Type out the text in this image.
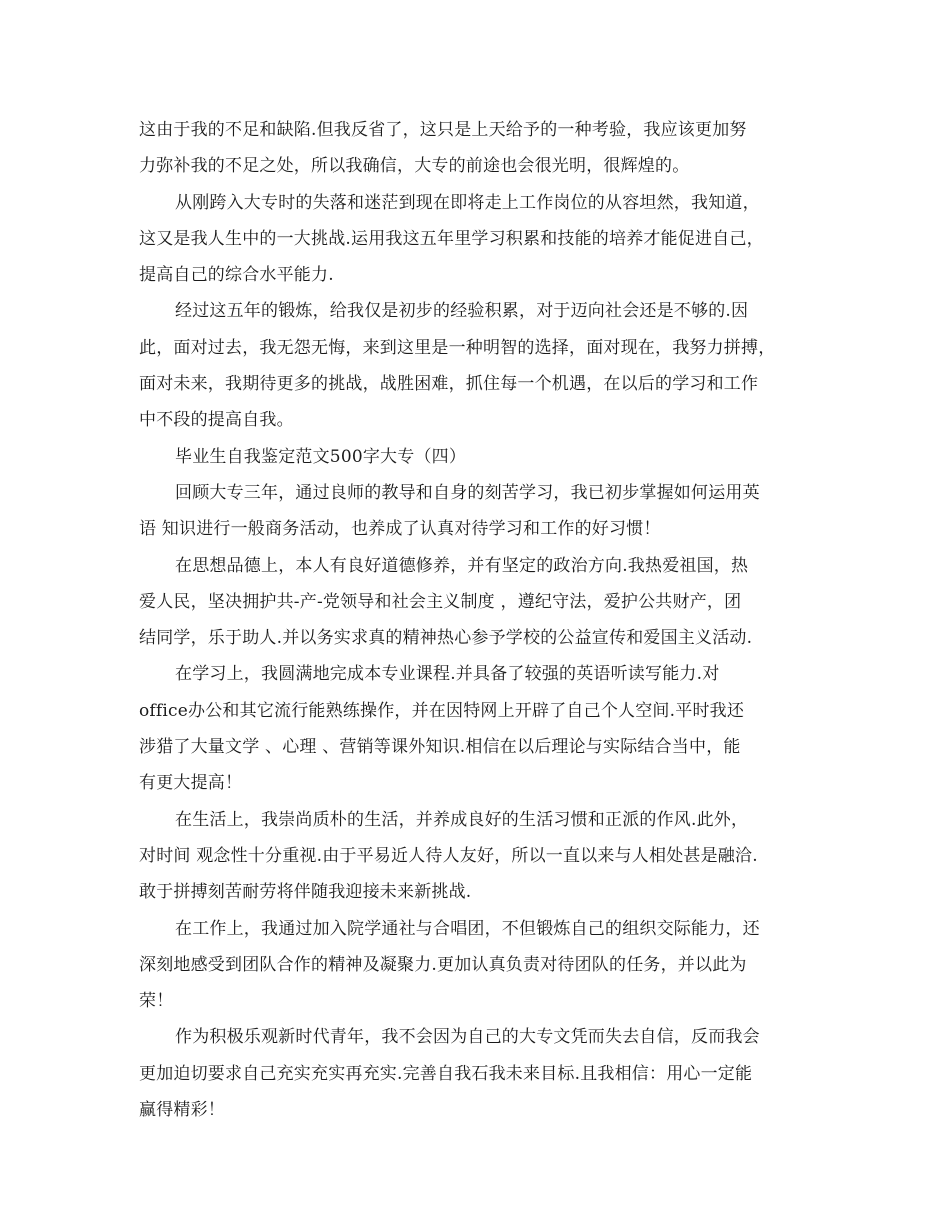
这由于我的不足和缺陷.但我反省了，这只是上天给予的一种考验，我应该更加努
力弥补我的不足之处，所以我确信，大专的前途也会很光明，很辉煌的。
从刚跨入大专时的失落和迷茫到现在即将走上工作岗位的从容坦然，我知道，
这又是我人生中的一大挑战.运用我这五年里学习积累和技能的培养才能促进自己，
提高自己的综合水平能力.
经过这五年的锻炼，给我仅是初步的经验积累，对于迈向社会还是不够的.因
此，面对过去，我无怨无悔，来到这里是一种明智的选择，面对现在，我努力拼搏，
面对未来，我期待更多的挑战，战胜困难，抓住每一个机遇，在以后的学习和工作
中不段的提高自我。
毕业生自我鉴定范文500字大专（四）
回顾大专三年，通过良师的教导和自身的刻苦学习，我已初步掌握如何运用英
语 知识进行一般商务活动，也养成了认真对待学习和工作的好习惯！
在思想品德上，本人有良好道德修养，并有坚定的政治方向.我热爱祖国，热
爱人民，坚决拥护共-产-党领导和社会主义制度 ，遵纪守法，爱护公共财产，团
结同学，乐于助人.并以务实求真的精神热心参予学校的公益宣传和爱国主义活动.
在学习上，我圆满地完成本专业课程.并具备了较强的英语听读写能力.对
office办公和其它流行能熟练操作，并在因特网上开辟了自己个人空间.平时我还
涉猎了大量文学 、心理 、营销等课外知识.相信在以后理论与实际结合当中，能
有更大提高！
在生活上，我崇尚质朴的生活，并养成良好的生活习惯和正派的作风.此外，
对时间 观念性十分重视.由于平易近人待人友好，所以一直以来与人相处甚是融洽.
敢于拼搏刻苦耐劳将伴随我迎接未来新挑战.
在工作上，我通过加入院学通社与合唱团，不但锻炼自己的组织交际能力，还
深刻地感受到团队合作的精神及凝聚力.更加认真负责对待团队的任务，并以此为
荣！
作为积极乐观新时代青年，我不会因为自己的大专文凭而失去自信，反而我会
更加迫切要求自己充实充实再充实.完善自我石我未来目标.且我相信：用心一定能
赢得精彩！
